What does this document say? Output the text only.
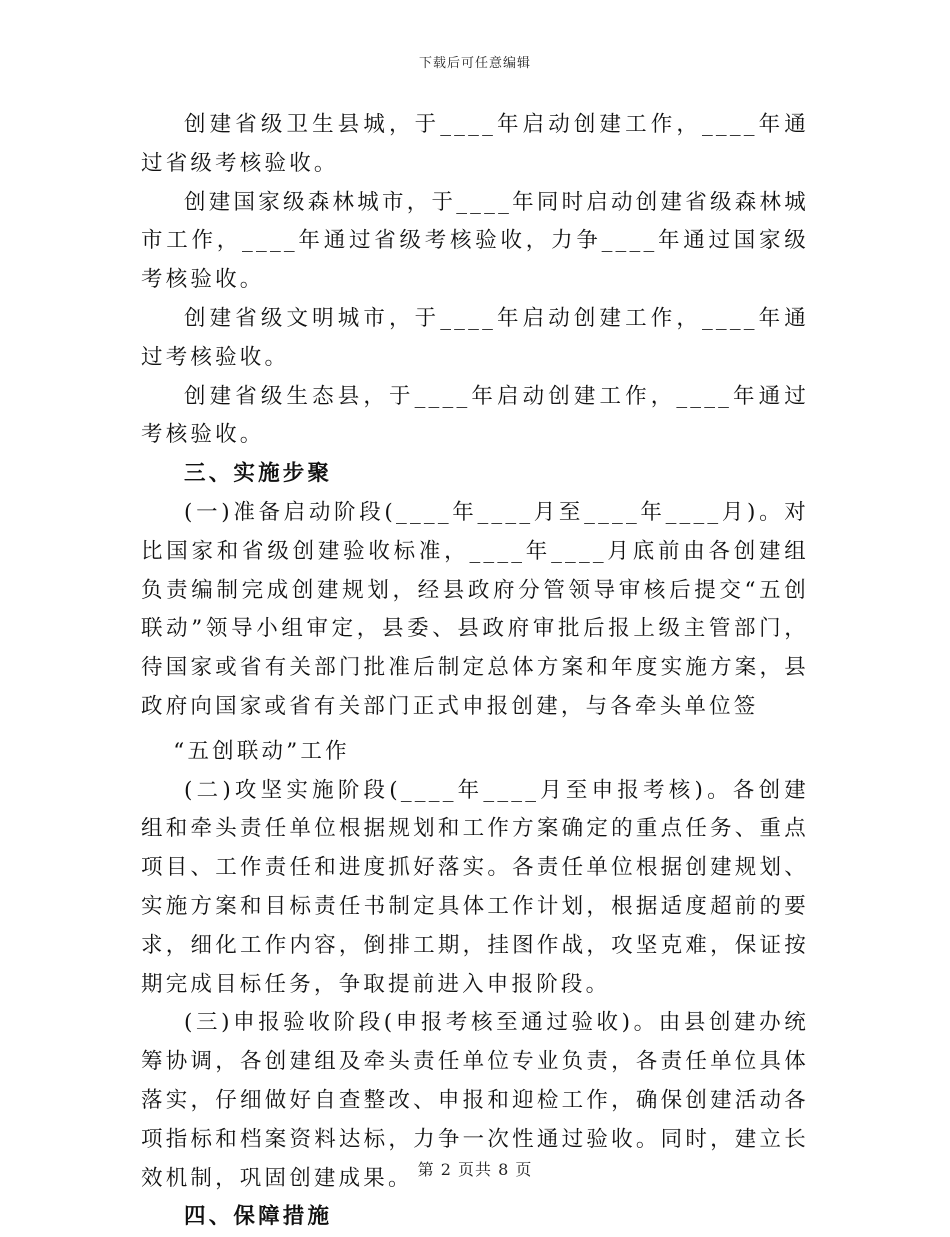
下载后可任意编辑

创建省级卫生县城，于____年启动创建工作，____年通过省级考核验收。

创建国家级森林城市，于____年同时启动创建省级森林城市工作，____年通过省级考核验收，力争____年通过国家级考核验收。

创建省级文明城市，于____年启动创建工作，____年通过考核验收。

创建省级生态县，于____年启动创建工作，____年通过考核验收。

三、实施步聚

(一)准备启动阶段(____年____月至____年____月)。对比国家和省级创建验收标准，____年____月底前由各创建组负责编制完成创建规划，经县政府分管领导审核后提交“五创联动”领导小组审定，县委、县政府审批后报上级主管部门，待国家或省有关部门批准后制定总体方案和年度实施方案，县政府向国家或省有关部门正式申报创建，与各牵头单位签

“五创联动”工作

(二)攻坚实施阶段(____年____月至申报考核)。各创建组和牵头责任单位根据规划和工作方案确定的重点任务、重点项目、工作责任和进度抓好落实。各责任单位根据创建规划、实施方案和目标责任书制定具体工作计划，根据适度超前的要求，细化工作内容，倒排工期，挂图作战，攻坚克难，保证按期完成目标任务，争取提前进入申报阶段。

(三)申报验收阶段(申报考核至通过验收)。由县创建办统筹协调，各创建组及牵头责任单位专业负责，各责任单位具体落实，仔细做好自查整改、申报和迎检工作，确保创建活动各项指标和档案资料达标，力争一次性通过验收。同时，建立长效机制，巩固创建成果。

四、保障措施

第 2 页共 8 页
